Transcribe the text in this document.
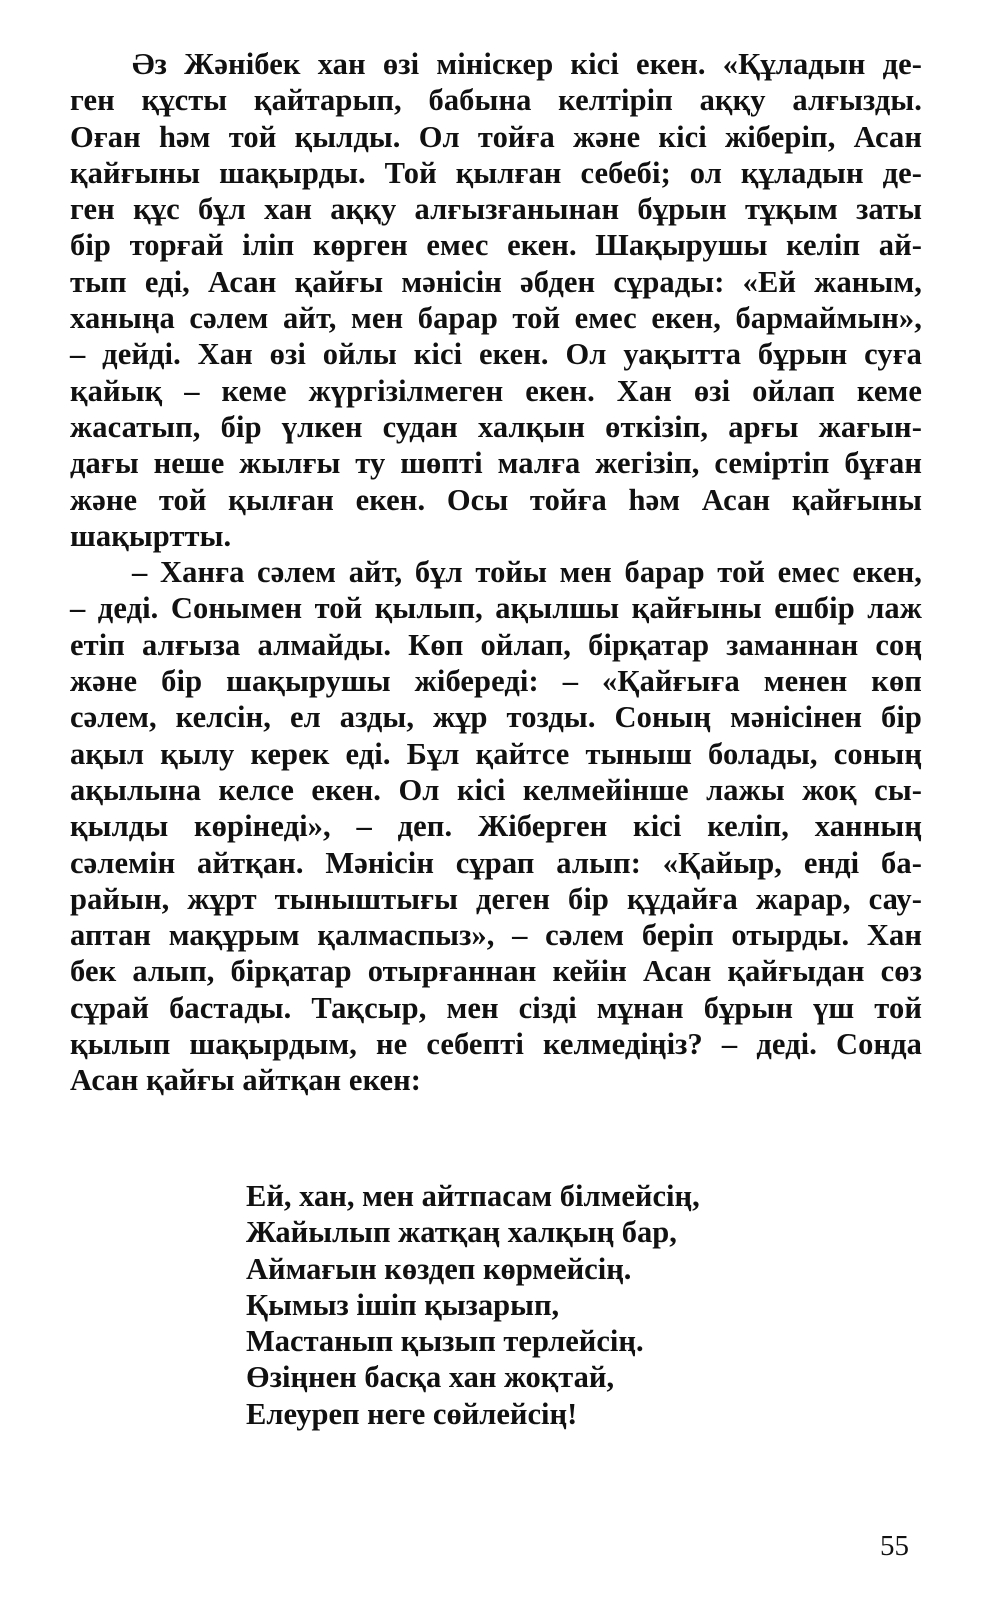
Әз Жәнібек хан өзі мініскер кісі екен. «Құладын де-
ген құсты қайтарып, бабына келтіріп аққу алғызды.
Оған һәм той қылды. Ол тойға және кісі жіберіп, Асан
қайғыны шақырды. Той қылған себебі; ол құладын де-
ген құс бұл хан аққу алғызғанынан бұрын тұқым заты
бір торғай іліп көрген емес екен. Шақырушы келіп ай-
тып еді, Асан қайғы мәнісін әбден сұрады: «Ей жаным,
ханыңа сәлем айт, мен барар той емес екен, бармаймын»,
– дейді. Хан өзі ойлы кісі екен. Ол уақытта бұрын суға
қайық – кеме жүргізілмеген екен. Хан өзі ойлап кеме
жасатып, бір үлкен судан халқын өткізіп, арғы жағын-
дағы неше жылғы ту шөпті малға жегізіп, семіртіп бұған
және той қылған екен. Осы тойға һәм Асан қайғыны
шақыртты.

– Ханға сәлем айт, бұл тойы мен барар той емес екен,
– деді. Сонымен той қылып, ақылшы қайғыны ешбір лаж
етіп алғыза алмайды. Көп ойлап, бірқатар заманнан соң
және бір шақырушы жібереді: – «Қайғыға менен көп
сәлем, келсін, ел азды, жұр тозды. Соның мәнісінен бір
ақыл қылу керек еді. Бұл қайтсе тыныш болады, соның
ақылына келсе екен. Ол кісі келмейінше лажы жоқ сы-
қылды көрінеді», – деп. Жіберген кісі келіп, ханның
сәлемін айтқан. Мәнісін сұрап алып: «Қайыр, енді ба-
райын, жұрт тыныштығы деген бір құдайға жарар, сау-
аптан мақұрым қалмаспыз», – сәлем беріп отырды. Хан
бек алып, бірқатар отырғаннан кейін Асан қайғыдан сөз
сұрай бастады. Тақсыр, мен сізді мұнан бұрын үш той
қылып шақырдым, не себепті келмедіңіз? – деді. Сонда
Асан қайғы айтқан екен:

Ей, хан, мен айтпасам білмейсің,
Жайылып жатқаң халқың бар,
Аймағын көздеп көрмейсің.
Қымыз ішіп қызарып,
Мастанып қызып терлейсің.
Өзіңнен басқа хан жоқтай,
Елеуреп неге сөйлейсің!
55
